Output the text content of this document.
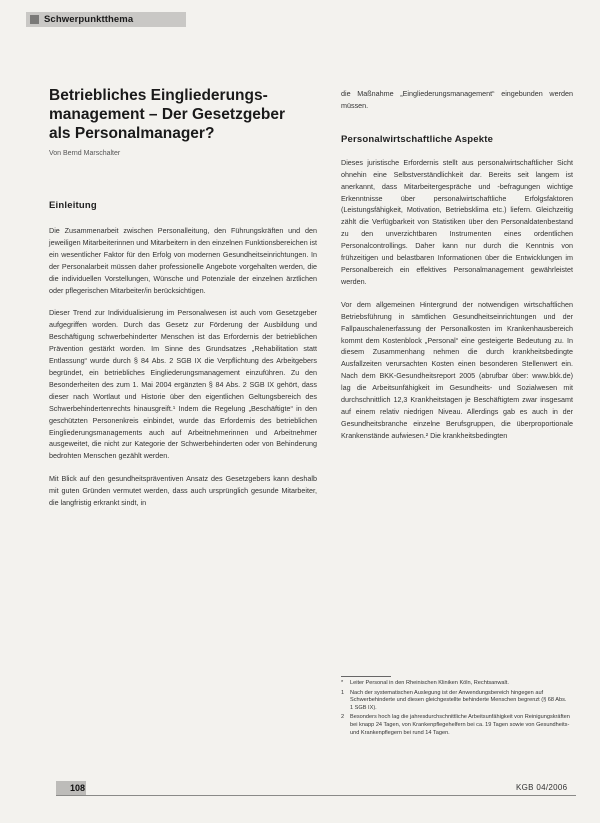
Schwerpunktthema
Betriebliches Eingliederungsmanagement – Der Gesetzgeber als Personalmanager?
Von Bernd Marschalter
Einleitung

Die Zusammenarbeit zwischen Personalleitung, den Führungskräften und den jeweiligen Mitarbeiterinnen und Mitarbeitern in den einzelnen Funktionsbereichen ist ein wesentlicher Faktor für den Erfolg von modernen Gesundheitseinrichtungen. In der Personalarbeit müssen daher professionelle Angebote vorgehalten werden, die die individuellen Vorstellungen, Wünsche und Potenziale der einzelnen ärztlichen oder pflegerischen Mitarbeiter/in berücksichtigen.

Dieser Trend zur Individualisierung im Personalwesen ist auch vom Gesetzgeber aufgegriffen worden. Durch das Gesetz zur Förderung der Ausbildung und Beschäftigung schwerbehinderter Menschen ist das Erfordernis der betrieblichen Prävention gestärkt worden. Im Sinne des Grundsatzes „Rehabilitation statt Entlassung“ wurde durch § 84 Abs. 2 SGB IX die Verpflichtung des Arbeitgebers begründet, ein betriebliches Eingliederungsmanagement einzuführen. Zu den Besonderheiten des zum 1. Mai 2004 ergänzten § 84 Abs. 2 SGB IX gehört, dass dieser nach Wortlaut und Historie über den eigentlichen Geltungsbereich des Schwerbehindertenrechts hinausgreift.¹ Indem die Regelung „Beschäftigte“ in den geschützten Personenkreis einbindet, wurde das Erfordernis des betrieblichen Eingliederungsmanagements auch auf Arbeitnehmerinnen und Arbeitnehmer ausgeweitet, die nicht zur Kategorie der Schwerbehinderten oder von Behinderung bedrohten Menschen gezählt werden.

Mit Blick auf den gesundheitspräventiven Ansatz des Gesetzgebers kann deshalb mit guten Gründen vermutet werden, dass auch ursprünglich gesunde Mitarbeiter, die langfristig erkrankt sindt, in

die Maßnahme „Eingliederungsmanagement“ eingebunden werden müssen.

Personalwirtschaftliche Aspekte

Dieses juristische Erfordernis stellt aus personalwirtschaftlicher Sicht ohnehin eine Selbstverständlichkeit dar. Bereits seit langem ist anerkannt, dass Mitarbeitergespräche und -befragungen wichtige Erkenntnisse über personalwirtschaftliche Erfolgsfaktoren (Leistungsfähigkeit, Motivation, Betriebsklima etc.) liefern. Gleichzeitig zählt die Verfügbarkeit von Statistiken über den Personaldatenbestand zu den unverzichtbaren Instrumenten eines ordentlichen Personalcontrollings. Daher kann nur durch die Kenntnis von frühzeitigen und belastbaren Informationen über die Entwicklungen im Personalbereich ein effektives Personalmanagement gewährleistet werden.

Vor dem allgemeinen Hintergrund der notwendigen wirtschaftlichen Betriebsführung in sämtlichen Gesundheitseinrichtungen und der Fallpauschalenerfassung der Personalkosten im Krankenhausbereich kommt dem Kostenblock „Personal“ eine gesteigerte Bedeutung zu. In diesem Zusammenhang nehmen die durch krankheitsbedingte Ausfallzeiten verursachten Kosten einen besonderen Stellenwert ein. Nach dem BKK-Gesundheitsreport 2005 (abrufbar über: www.bkk.de) lag die Arbeitsunfähigkeit im Gesundheits- und Sozialwesen mit durchschnittlich 12,3 Krankheitstagen je Beschäftigtem zwar insgesamt auf einem relativ niedrigen Niveau. Allerdings gab es auch in der Gesundheitsbranche einzelne Berufsgruppen, die überproportionale Krankenstände aufwiesen.² Die krankheitsbedingten

*	Leiter Personal in den Rheinischen Kliniken Köln, Rechtsanwalt.
1	Nach der systematischen Auslegung ist der Anwendungsbereich hingegen auf Schwerbehinderte und diesen gleichgestellte behinderte Menschen begrenzt (§ 68 Abs. 1 SGB IX).
2	Besonders hoch lag die jahresdurchschnittliche Arbeitsunfähigkeit von Reinigungskräften bei knapp 24 Tagen, von Krankenpflegehelfern bei ca. 19 Tagen sowie von Gesundheits- und Krankenpflegern bei rund 14 Tagen.
108	KGB 04/2006
